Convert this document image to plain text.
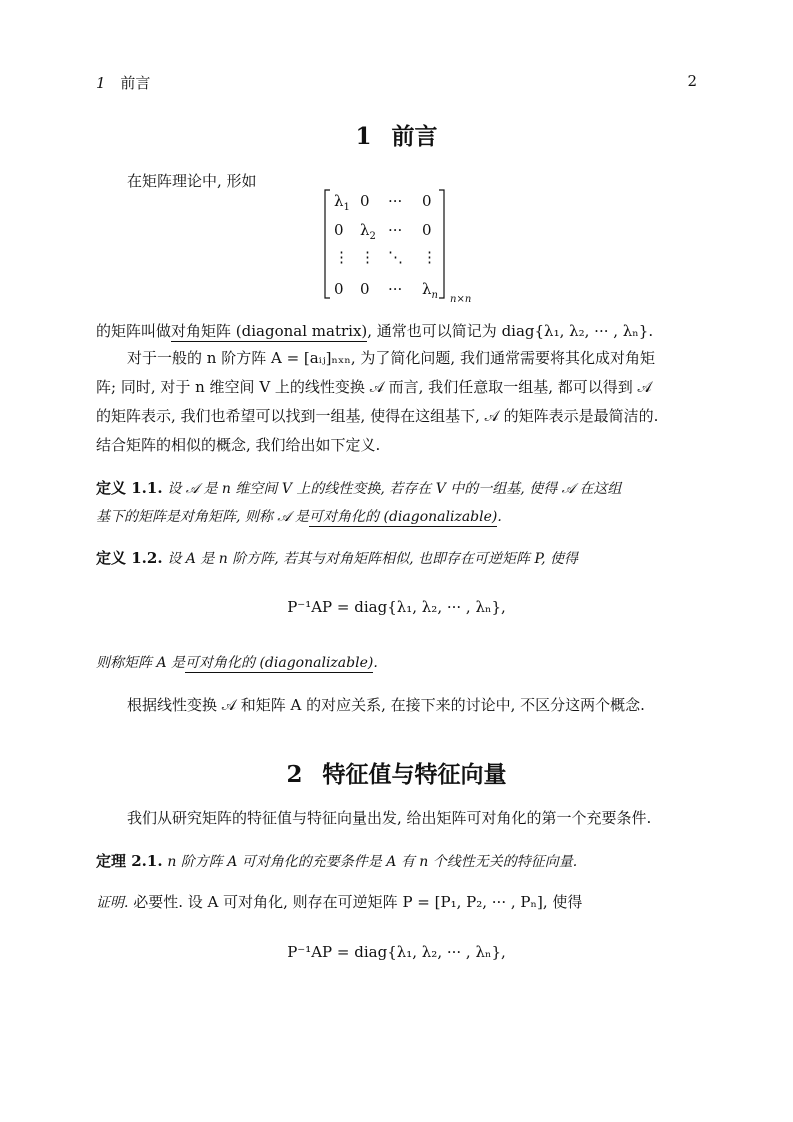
1 前言	2
1 前言
在矩阵理论中, 形如
$\lambda_1$ 0 ··· 0
0 $\lambda_2$ ··· 0
⋮ ⋮ ⋱ ⋮
0 0 ··· $\lambda_n$ n×n
的矩阵叫做对角矩阵 (diagonal matrix), 通常也可以简记为 diag{λ₁, λ₂, ··· , λₙ}.
对于一般的 n 阶方阵 A = [aᵢⱼ]ₙₓₙ, 为了简化问题, 我们通常需要将其化成对角矩
阵; 同时, 对于 n 维空间 V 上的线性变换 𝒜 而言, 我们任意取一组基, 都可以得到 𝒜
的矩阵表示, 我们也希望可以找到一组基, 使得在这组基下, 𝒜 的矩阵表示是最简洁的.
结合矩阵的相似的概念, 我们给出如下定义.
定义 1.1. 设 𝒜 是 n 维空间 V 上的线性变换, 若存在 V 中的一组基, 使得 𝒜 在这组
基下的矩阵是对角矩阵, 则称 𝒜 是可对角化的 (diagonalizable).
定义 1.2. 设 A 是 n 阶方阵, 若其与对角矩阵相似, 也即存在可逆矩阵 P, 使得
P⁻¹AP = diag{λ₁, λ₂, ··· , λₙ},
则称矩阵 A 是可对角化的 (diagonalizable).
根据线性变换 𝒜 和矩阵 A 的对应关系, 在接下来的讨论中, 不区分这两个概念.
2 特征值与特征向量
我们从研究矩阵的特征值与特征向量出发, 给出矩阵可对角化的第一个充要条件.
定理 2.1. n 阶方阵 A 可对角化的充要条件是 A 有 n 个线性无关的特征向量.
证明. 必要性. 设 A 可对角化, 则存在可逆矩阵 P = [P₁, P₂, ··· , Pₙ], 使得
P⁻¹AP = diag{λ₁, λ₂, ··· , λₙ},
